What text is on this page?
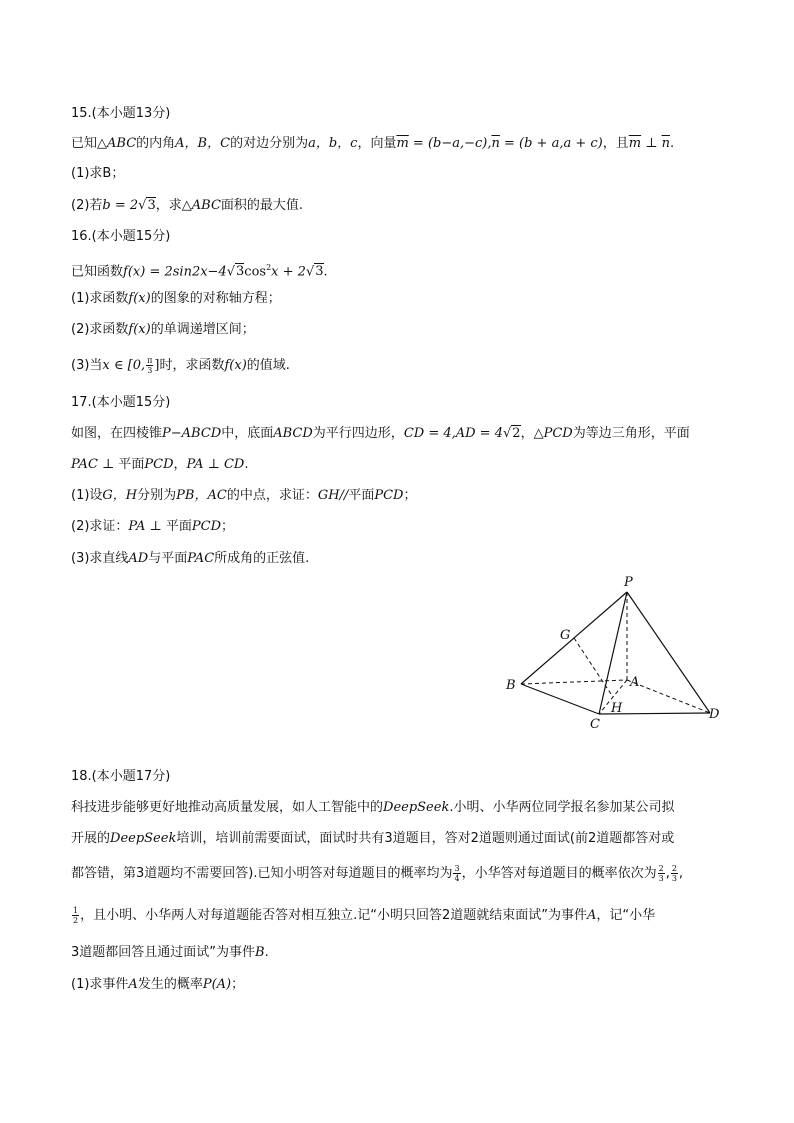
15.(本小题13分)
已知△ABC的内角A，B，C的对边分别为a，b，c，向量$\overline{m} = (b-a,-c),\overline{n} = (b + a,a + c)$，且$\overline{m}$ ⊥ $\overline{n}$.
(1)求B；
(2)若b = 2√3，求△ABC面积的最大值.
16.(本小题15分)
已知函数$f(x) = 2\sin 2x-4√3\cos^2x + 2√3$.
(1)求函数f(x)的图象的对称轴方程；
(2)求函数f(x)的单调递增区间；
(3)当x ∈ [0, $\frac{\pi}{3}$ ]时，求函数f(x)的值域.
17.(本小题15分)
如图，在四棱锥P−ABCD中，底面ABCD为平行四边形，CD = 4,AD = 4√2，△PCD为等边三角形，平面
PAC ⊥ 平面PCD，PA ⊥ CD.
(1)设G，H分别为PB，AC的中点，求证：GH//平面PCD；
(2)求证：PA ⊥ 平面PCD；
(3)求直线AD与平面PAC所成角的正弦值.
P
G
A
B
H
C
D
18.(本小题17分)
科技进步能够更好地推动高质量发展，如人工智能中的DeepSeek.小明、小华两位同学报名参加某公司拟
开展的DeepSeek培训，培训前需要面试，面试时共有3道题目，答对2道题则通过面试(前2道题都答对或
都答错，第3道题均不需要回答).已知小明答对每道题目的概率均为 $\frac{3}{4}$ ，小华答对每道题目的概率依次为 $\frac{2}{3}$ , $\frac{2}{3}$ ,
$\frac{1}{2}$ ，且小明、小华两人对每道题能否答对相互独立.记“小明只回答2道题就结束面试”为事件A，记“小华
3道题都回答且通过面试”为事件B.
(1)求事件A发生的概率P(A)；
